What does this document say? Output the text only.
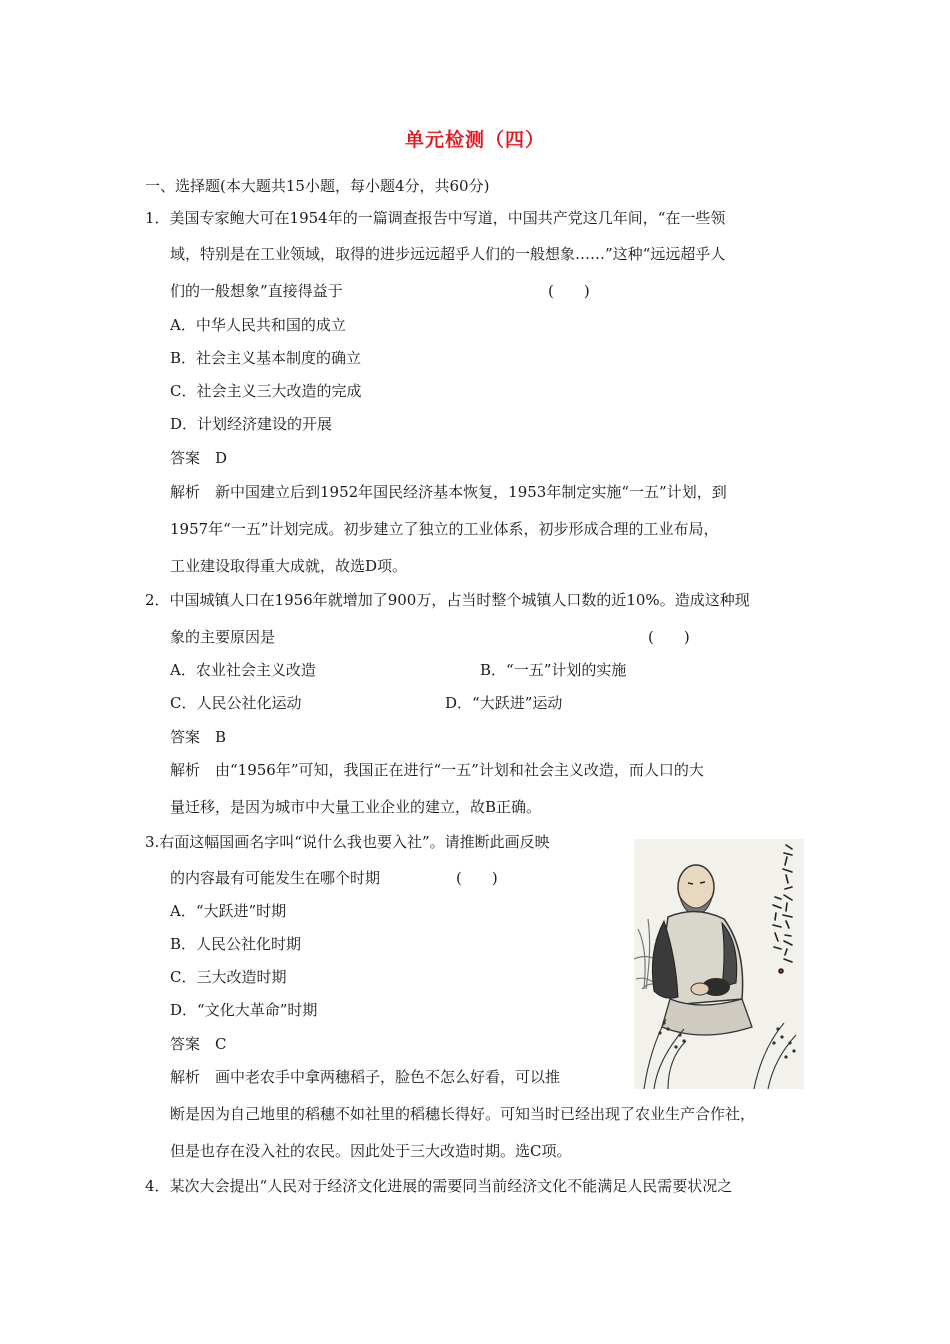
单元检测（四）
一、选择题(本大题共15小题，每小题4分，共60分)
1．美国专家鲍大可在1954年的一篇调查报告中写道，中国共产党这几年间，“在一些领
域，特别是在工业领域，取得的进步远远超乎人们的一般想象……”这种“远远超乎人
们的一般想象”直接得益于	(　　)
A．中华人民共和国的成立
B．社会主义基本制度的确立
C．社会主义三大改造的完成
D．计划经济建设的开展
答案　D
解析　新中国建立后到1952年国民经济基本恢复，1953年制定实施“一五”计划，到
1957年“一五”计划完成。初步建立了独立的工业体系，初步形成合理的工业布局，
工业建设取得重大成就，故选D项。
2．中国城镇人口在1956年就增加了900万，占当时整个城镇人口数的近10%。造成这种现
象的主要原因是	(　　)
A．农业社会主义改造	B．“一五”计划的实施
C．人民公社化运动	D．“大跃进”运动
答案　B
解析　由“1956年”可知，我国正在进行“一五”计划和社会主义改造，而人口的大
量迁移，是因为城市中大量工业企业的建立，故B正确。
3.右面这幅国画名字叫“说什么我也要入社”。请推断此画反映
的内容最有可能发生在哪个时期	(　　)
A．“大跃进”时期
B．人民公社化时期
C．三大改造时期
D．“文化大革命”时期
答案　C
解析　画中老农手中拿两穗稻子，脸色不怎么好看，可以推
断是因为自己地里的稻穗不如社里的稻穗长得好。可知当时已经出现了农业生产合作社，
但是也存在没入社的农民。因此处于三大改造时期。选C项。
4．某次大会提出“人民对于经济文化进展的需要同当前经济文化不能满足人民需要状况之
